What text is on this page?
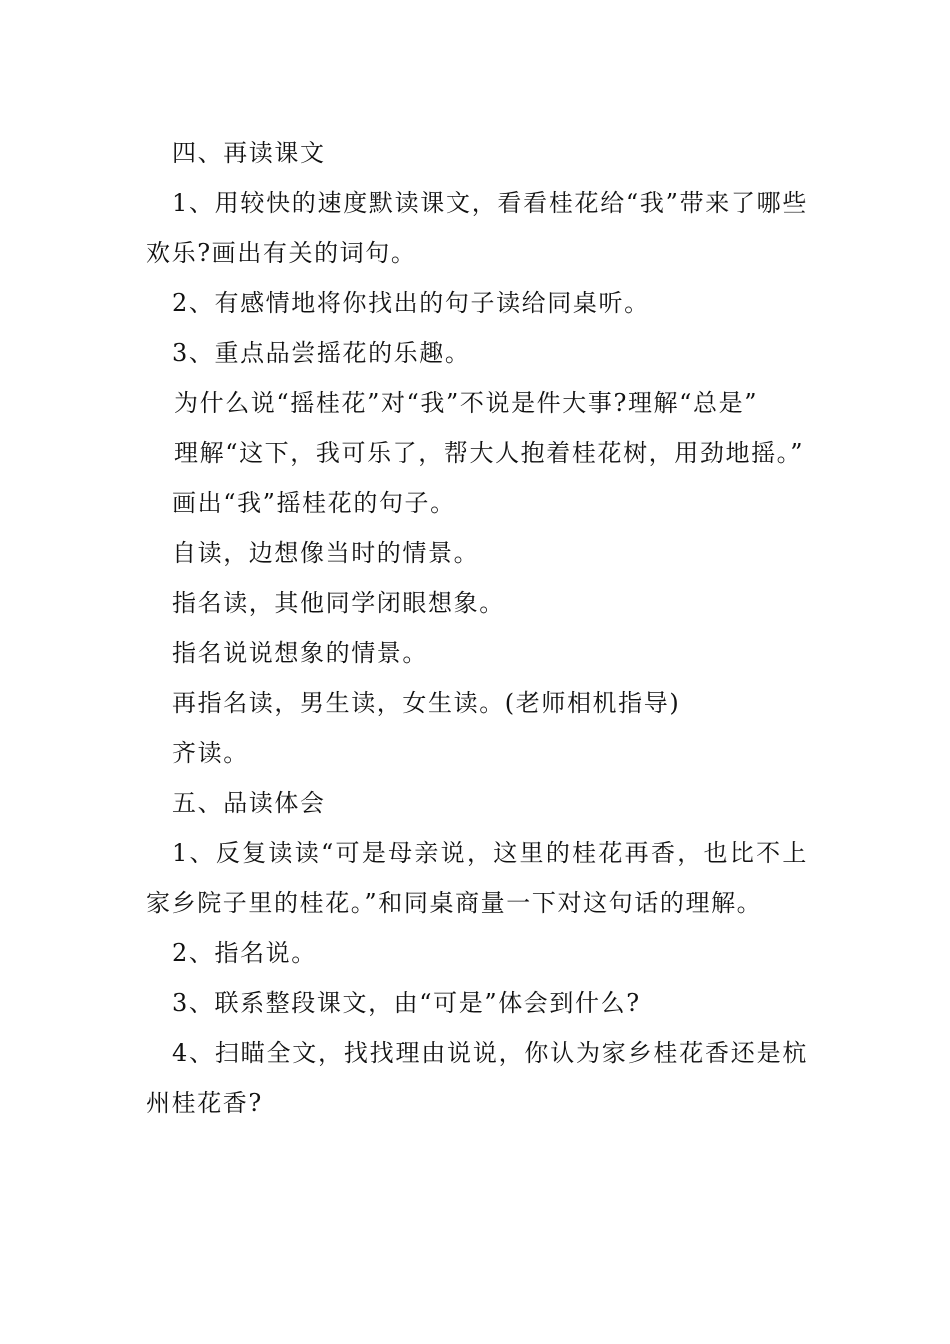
四、再读课文

1、用较快的速度默读课文，看看桂花给“我”带来了哪些欢乐?画出有关的词句。

2、有感情地将你找出的句子读给同桌听。

3、重点品尝摇花的乐趣。

为什么说“摇桂花”对“我”不说是件大事?理解“总是”

理解“这下，我可乐了，帮大人抱着桂花树，用劲地摇。”

画出“我”摇桂花的句子。

自读，边想像当时的情景。

指名读，其他同学闭眼想象。

指名说说想象的情景。

再指名读，男生读，女生读。(老师相机指导)

齐读。

五、品读体会

1、反复读读“可是母亲说，这里的桂花再香，也比不上家乡院子里的桂花。”和同桌商量一下对这句话的理解。

2、指名说。

3、联系整段课文，由“可是”体会到什么?

4、扫瞄全文，找找理由说说，你认为家乡桂花香还是杭州桂花香?
